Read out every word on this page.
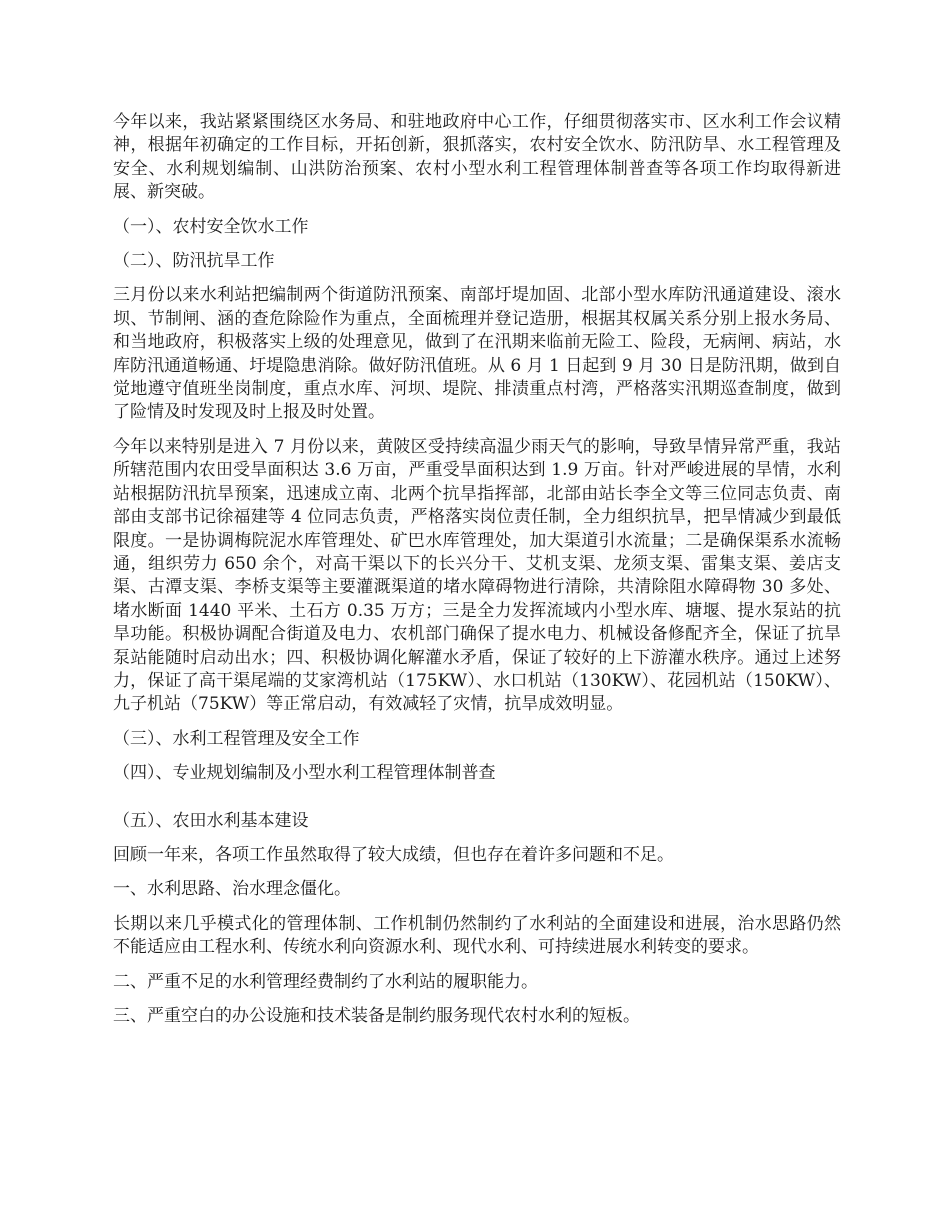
今年以来，我站紧紧围绕区水务局、和驻地政府中心工作，仔细贯彻落实市、区水利工作会议精神，根据年初确定的工作目标，开拓创新，狠抓落实，农村安全饮水、防汛防旱、水工程管理及安全、水利规划编制、山洪防治预案、农村小型水利工程管理体制普查等各项工作均取得新进展、新突破。

（一）、农村安全饮水工作

（二）、防汛抗旱工作

三月份以来水利站把编制两个街道防汛预案、南部圩堤加固、北部小型水库防汛通道建设、滚水坝、节制闸、涵的查危除险作为重点，全面梳理并登记造册，根据其权属关系分别上报水务局、和当地政府，积极落实上级的处理意见，做到了在汛期来临前无险工、险段，无病闸、病站，水库防汛通道畅通、圩堤隐患消除。做好防汛值班。从 6 月 1 日起到 9 月 30 日是防汛期，做到自觉地遵守值班坐岗制度，重点水库、河坝、堤院、排渍重点村湾，严格落实汛期巡查制度，做到了险情及时发现及时上报及时处置。

今年以来特别是进入 7 月份以来，黄陂区受持续高温少雨天气的影响，导致旱情异常严重，我站所辖范围内农田受旱面积达 3.6 万亩，严重受旱面积达到 1.9 万亩。针对严峻进展的旱情，水利站根据防汛抗旱预案，迅速成立南、北两个抗旱指挥部，北部由站长李全文等三位同志负责、南部由支部书记徐福建等 4 位同志负责，严格落实岗位责任制，全力组织抗旱，把旱情减少到最低限度。一是协调梅院泥水库管理处、矿巴水库管理处，加大渠道引水流量；二是确保渠系水流畅通，组织劳力 650 余个，对高干渠以下的长兴分干、艾机支渠、龙须支渠、雷集支渠、姜店支渠、古潭支渠、李桥支渠等主要灌溉渠道的堵水障碍物进行清除，共清除阻水障碍物 30 多处、堵水断面 1440 平米、土石方 0.35 万方；三是全力发挥流域内小型水库、塘堰、提水泵站的抗旱功能。积极协调配合街道及电力、农机部门确保了提水电力、机械设备修配齐全，保证了抗旱泵站能随时启动出水；四、积极协调化解灌水矛盾，保证了较好的上下游灌水秩序。通过上述努力，保证了高干渠尾端的艾家湾机站（175KW）、水口机站（130KW）、花园机站（150KW）、九子机站（75KW）等正常启动，有效减轻了灾情，抗旱成效明显。

（三）、水利工程管理及安全工作

（四）、专业规划编制及小型水利工程管理体制普查

（五）、农田水利基本建设

回顾一年来，各项工作虽然取得了较大成绩，但也存在着许多问题和不足。

一、水利思路、治水理念僵化。

长期以来几乎模式化的管理体制、工作机制仍然制约了水利站的全面建设和进展，治水思路仍然不能适应由工程水利、传统水利向资源水利、现代水利、可持续进展水利转变的要求。

二、严重不足的水利管理经费制约了水利站的履职能力。

三、严重空白的办公设施和技术装备是制约服务现代农村水利的短板。
